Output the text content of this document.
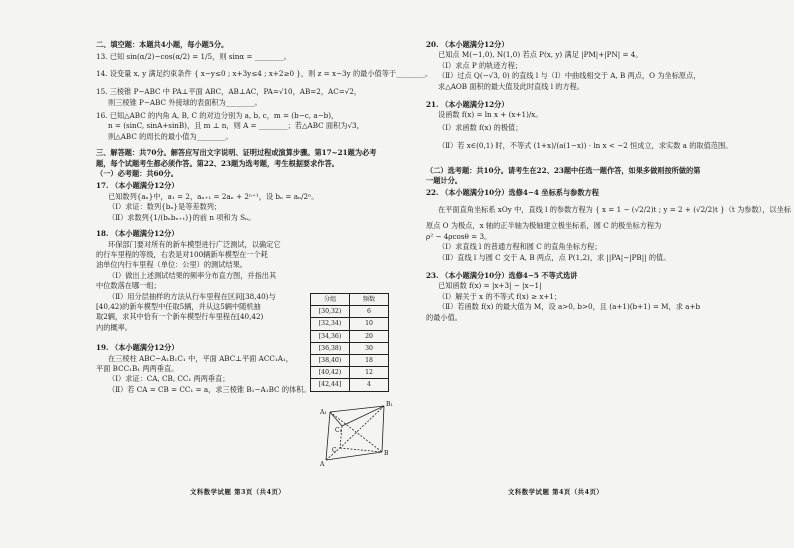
二、填空题：本题共4小题，每小题5分。
13. 已知 sin(α/2)−cos(α/2) = 1/5，则 sinα = ________。
14. 设变量 x, y 满足约束条件 { x−y≤0 ; x+3y≤4 ; x+2≥0 }，则 z = x−3y 的最小值等于________。
15. 三棱锥 P−ABC 中 PA⊥平面 ABC，AB⊥AC，PA=√10，AB=2，AC=√2，
则三棱锥 P−ABC 外接球的表面积为________。
16. 已知△ABC 的内角 A, B, C 的对边分别为 a, b, c，m = (b−c, a−b)，
n = (sinC, sinA+sinB)，且 m ⊥ n，则 A = ________；若△ABC 面积为√3，
则△ABC 的周长的最小值为________。
三、解答题：共70分。解答应写出文字说明、证明过程或演算步骤。第17~21题为必考
题，每个试题考生都必须作答。第22、23题为选考题，考生根据要求作答。
（一）必考题：共60分。
17. （本小题满分12分）
已知数列{aₙ}中，a₁ = 2，aₙ₊₁ = 2aₙ + 2ⁿ⁺¹，设 bₙ = aₙ/2ⁿ。
（Ⅰ）求证：数列{bₙ}是等差数列；
（Ⅱ）求数列{1/(bₙbₙ₊₁)}的前 n 项和为 Sₙ。
18. （本小题满分12分）
环保部门要对所有的新车模型进行广泛测试，以确定它
的行车里程的等级，右表是对100辆新车模型在一个耗
油单位内行车里程（单位：公里）的测试结果。
（Ⅰ）做出上述测试结果的频率分布直方图，并指出其
中位数落在哪一组；
（Ⅱ）用分层抽样的方法从行车里程在区间[38,40)与
[40,42)的新车模型中任取5辆，并从这5辆中随机抽
取2辆，求其中恰有一个新车模型行车里程在[40,42)
内的概率。
19. （本小题满分12分）
在三棱柱 ABC−A₁B₁C₁ 中，平面 ABC⊥平面 ACC₁A₁，
平面 BCC₁B₁ 两两垂直。
（Ⅰ）求证：CA, CB, CC₁ 两两垂直；
（Ⅱ）若 CA = CB = CC₁ = a，求三棱锥 B₁−A₁BC 的体积。
分组	频数
[30,32)	6
[32,34)	10
[34,36)	20
[36,38)	30
[38,40)	18
[40,42)	12
[42,44]	4
A₁
B₁
C₁
C	B
A
文科数学试题 第3页（共4页）
20. （本小题满分12分）
已知点 M(−1,0), N(1,0) 若点 P(x, y) 满足 |PM|+|PN| = 4。
（Ⅰ）求点 P 的轨迹方程；
（Ⅱ）过点 Q(−√3, 0) 的直线 l 与（Ⅰ）中曲线相交于 A, B 两点，O 为坐标原点，
求△AOB 面积的最大值及此时直线 l 的方程。
21. （本小题满分12分）
设函数 f(x) = ln x + (x+1)/x。
（Ⅰ）求函数 f(x) 的极值；
（Ⅱ）若 x∈(0,1) 时，不等式 (1+x)/(a(1−x)) · ln x < −2 恒成立，求实数 a 的取值范围。
（二）选考题：共10分。请考生在22、23题中任选一题作答，如果多做则按所做的第
一题计分。
22. （本小题满分10分）选修4−4 坐标系与参数方程
在平面直角坐标系 xOy 中，直线 l 的参数方程为 { x = 1 − (√2/2)t ; y = 2 + (√2/2)t }（t 为参数），以坐标
原点 O 为极点，x 轴的正半轴为极轴建立极坐标系，圆 C 的极坐标方程为
ρ² − 4ρcosθ = 3。
（Ⅰ）求直线 l 的普通方程和圆 C 的直角坐标方程；
（Ⅱ）直线 l 与圆 C 交于 A, B 两点，点 P(1,2)，求 ||PA|−|PB|| 的值。
23. （本小题满分10分）选修4−5 不等式选讲
已知函数 f(x) = |x+3| − |x−1|
（Ⅰ）解关于 x 的不等式 f(x) ≥ x+1；
（Ⅱ）若函数 f(x) 的最大值为 M，设 a>0, b>0，且 (a+1)(b+1) = M，求 a+b
的最小值。
文科数学试题 第4页（共4页）
